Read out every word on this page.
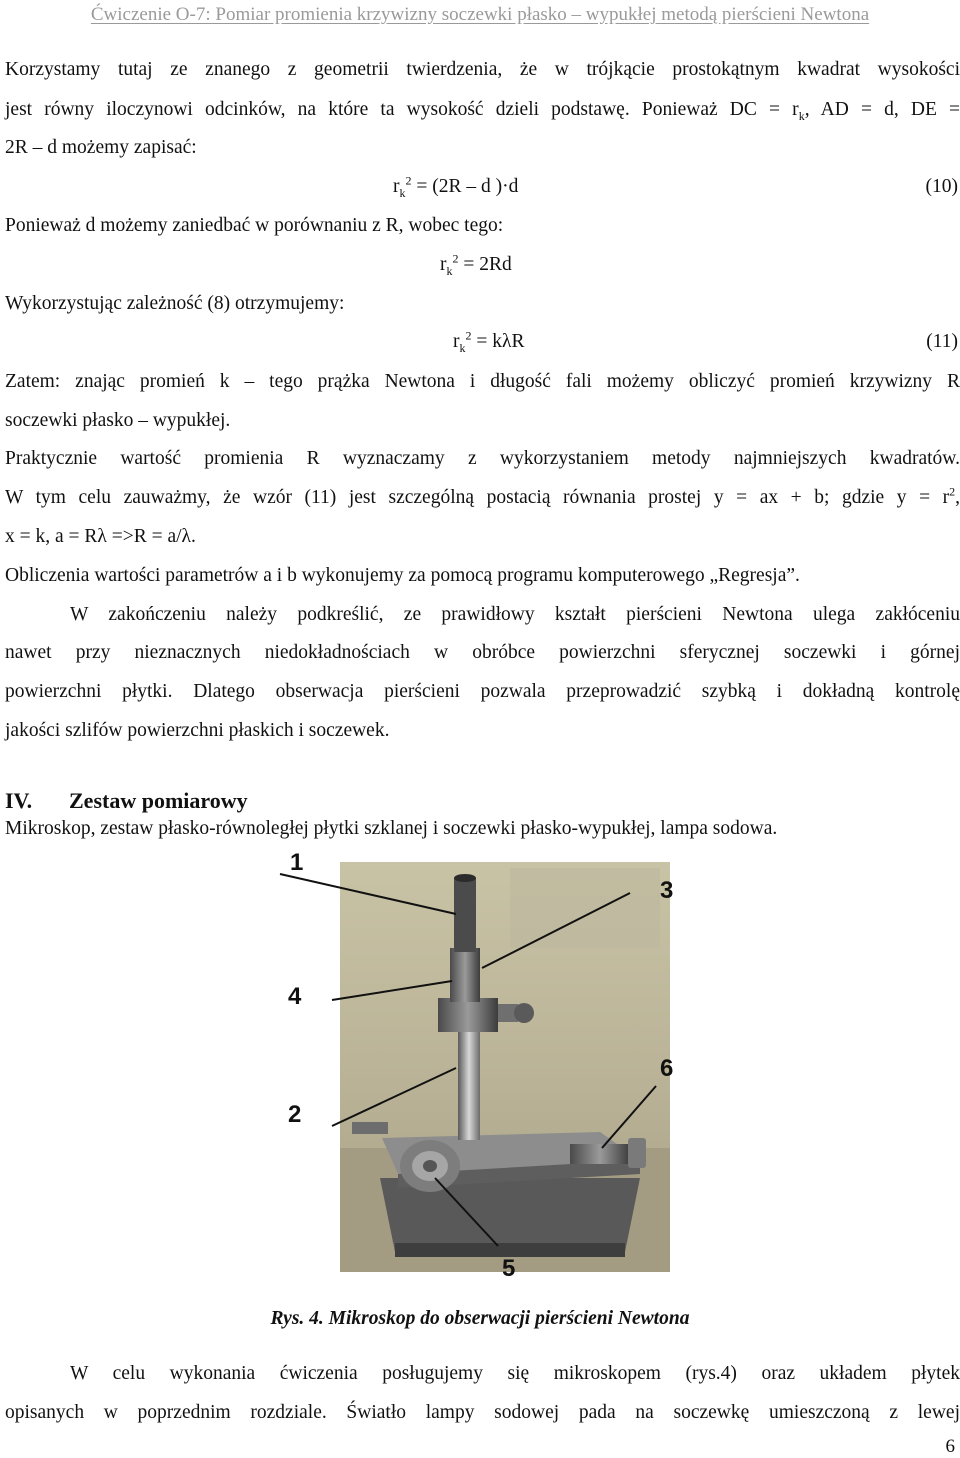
Ćwiczenie O-7: Pomiar promienia krzywizny soczewki płasko – wypukłej metodą pierścieni Newtona
Korzystamy tutaj ze znanego z geometrii twierdzenia, że w trójkącie prostokątnym kwadrat wysokości
jest równy iloczynowi odcinków, na które ta wysokość dzieli podstawę. Ponieważ DC = $r_k$, AD = d, DE =
2R – d możemy zapisać:
$r_k^2 = (2R - d$ )·d	(10)
Ponieważ d możemy zaniedbać w porównaniu z R, wobec tego:
$r_k^2 = 2Rd$
Wykorzystując zależność (8) otrzymujemy:
$r_k^2 = k\lambda R$	(11)
Zatem: znając promień k – tego prążka Newtona i długość fali możemy obliczyć promień krzywizny R
soczewki płasko – wypukłej.
Praktycznie wartość promienia R wyznaczamy z wykorzystaniem metody najmniejszych kwadratów.
W tym celu zauważmy, że wzór (11) jest szczególną postacią równania prostej y = ax + b; gdzie $y = r^2$,
x = k, a = Rλ =>R = a/λ.
Obliczenia wartości parametrów a i b wykonujemy za pomocą programu komputerowego „Regresja”.
W zakończeniu należy podkreślić, ze prawidłowy kształt pierścieni Newtona ulega zakłóceniu
nawet przy nieznacznych niedokładnościach w obróbce powierzchni sferycznej soczewki i górnej
powierzchni płytki. Dlatego obserwacja pierścieni pozwala przeprowadzić szybką i dokładną kontrolę
jakości szlifów powierzchni płaskich i soczewek.
IV. Zestaw pomiarowy
Mikroskop, zestaw płasko-równoległej płytki szklanej i soczewki płasko-wypukłej, lampa sodowa.
1
2
3
4
5
6
Rys. 4. Mikroskop do obserwacji pierścieni Newtona
W celu wykonania ćwiczenia posługujemy się mikroskopem (rys.4) oraz układem płytek
opisanych w poprzednim rozdziale. Światło lampy sodowej pada na soczewkę umieszczoną z lewej
6
